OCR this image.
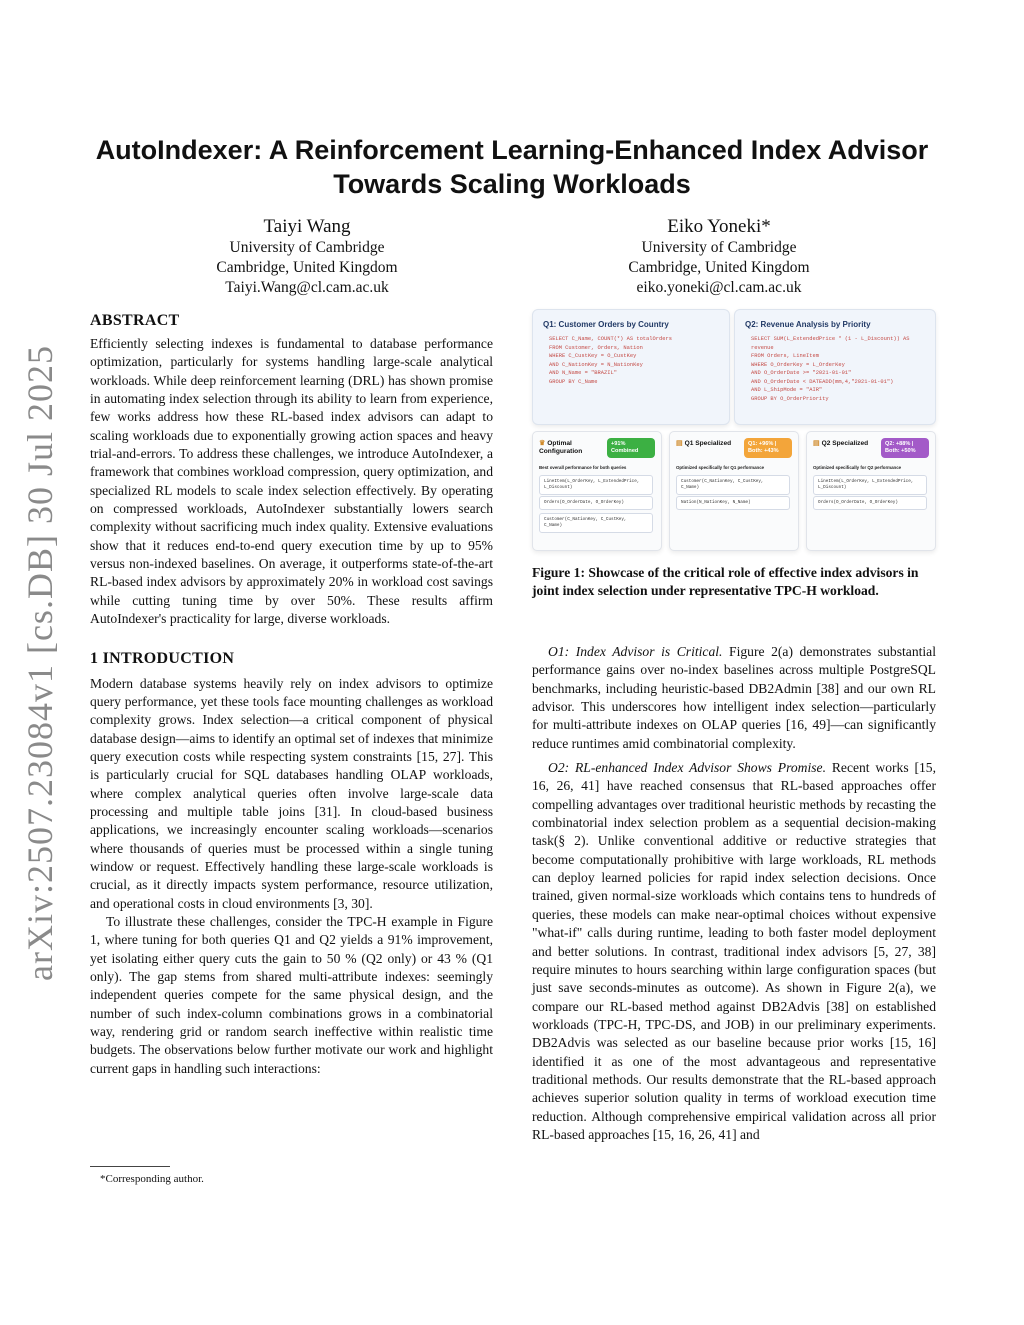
arXiv:2507.23084v1 [cs.DB] 30 Jul 2025
AutoIndexer: A Reinforcement Learning-Enhanced Index Advisor
Towards Scaling Workloads
Taiyi Wang
University of Cambridge
Cambridge, United Kingdom
Taiyi.Wang@cl.cam.ac.uk
Eiko Yoneki*
University of Cambridge
Cambridge, United Kingdom
eiko.yoneki@cl.cam.ac.uk
ABSTRACT

Efficiently selecting indexes is fundamental to database performance optimization, particularly for systems handling large-scale analytical workloads. While deep reinforcement learning (DRL) has shown promise in automating index selection through its ability to learn from experience, few works address how these RL-based index advisors can adapt to scaling workloads due to exponentially growing action spaces and heavy trial-and-errors. To address these challenges, we introduce AutoIndexer, a framework that combines workload compression, query optimization, and specialized RL models to scale index selection effectively. By operating on compressed workloads, AutoIndexer substantially lowers search complexity without sacrificing much index quality. Extensive evaluations show that it reduces end-to-end query execution time by up to 95% versus non-indexed baselines. On average, it outperforms state-of-the-art RL-based index advisors by approximately 20% in workload cost savings while cutting tuning time by over 50%. These results affirm AutoIndexer's practicality for large, diverse workloads.

1 INTRODUCTION

Modern database systems heavily rely on index advisors to optimize query performance, yet these tools face mounting challenges as workload complexity grows. Index selection—a critical component of physical database design—aims to identify an optimal set of indexes that minimize query execution costs while respecting system constraints [15, 27]. This is particularly crucial for SQL databases handling OLAP workloads, where complex analytical queries often involve large-scale data processing and multiple table joins [31]. In cloud-based business applications, we increasingly encounter scaling workloads—scenarios where thousands of queries must be processed within a single tuning window or request. Effectively handling these large-scale workloads is crucial, as it directly impacts system performance, resource utilization, and operational costs in cloud environments [3, 30].

To illustrate these challenges, consider the TPC-H example in Figure 1, where tuning for both queries Q1 and Q2 yields a 91% improvement, yet isolating either query cuts the gain to 50 % (Q2 only) or 43 % (Q1 only). The gap stems from shared multi-attribute indexes: seemingly independent queries compete for the same physical design, and the number of such index-column combinations grows in a combinatorial way, rendering grid or random search ineffective within realistic time budgets. The observations below further motivate our work and highlight current gaps in handling such interactions:

*Corresponding author.
Q1: Customer Orders by Country
SELECT C_Name, COUNT(*) AS totalOrders
FROM Customer, Orders, Nation
WHERE C_CustKey = O_CustKey
AND C_NationKey = N_NationKey
AND N_Name = "BRAZIL"
GROUP BY C_Name
Q2: Revenue Analysis by Priority
SELECT SUM(L_ExtendedPrice * (1 - L_Discount)) AS
revenue
FROM Orders, LineItem
WHERE O_OrderKey = L_OrderKey
AND O_OrderDate >= "2021-01-01"
AND O_OrderDate < DATEADD(mm,4,"2021-01-01")
AND L_ShipMode = "AIR"
GROUP BY O_OrderPriority
♛ Optimal Configuration
+91% Combined
Best overall performance for both queries
LineItem(L_OrderKey, L_ExtendedPrice,
L_Discount)
Orders(O_OrderDate, O_OrderKey)
Customer(C_NationKey, C_CustKey,
C_Name)
▤ Q1 Specialized	Q1: +96% | Both: +43%
Optimized specifically for Q1 performance
Customer(C_NationKey, C_CustKey,
C_Name)
Nation(N_NationKey, N_Name)
▤ Q2 Specialized	Q2: +88% | Both: +50%
Optimized specifically for Q2 performance
LineItem(L_OrderKey, L_ExtendedPrice,
L_Discount)
Orders(O_OrderDate, O_OrderKey)
Figure 1: Showcase of the critical role of effective index advisors in joint index selection under representative TPC-H workload.

O1: Index Advisor is Critical. Figure 2(a) demonstrates substantial performance gains over no-index baselines across multiple PostgreSQL benchmarks, including heuristic-based DB2Admin [38] and our own RL advisor. This underscores how intelligent index selection—particularly for multi-attribute indexes on OLAP queries [16, 49]—can significantly reduce runtimes amid combinatorial complexity.

O2: RL-enhanced Index Advisor Shows Promise. Recent works [15, 16, 26, 41] have reached consensus that RL-based approaches offer compelling advantages over traditional heuristic methods by recasting the combinatorial index selection problem as a sequential decision-making task(§ 2). Unlike conventional additive or reductive strategies that become computationally prohibitive with large workloads, RL methods can deploy learned policies for rapid index selection decisions. Once trained, given normal-size workloads which contains tens to hundreds of queries, these models can make near-optimal choices without expensive "what-if" calls during runtime, leading to both faster model deployment and better solutions. In contrast, traditional index advisors [5, 27, 38] require minutes to hours searching within large configuration spaces (but just save seconds-minutes as outcome). As shown in Figure 2(a), we compare our RL-based method against DB2Advis [38] on established workloads (TPC-H, TPC-DS, and JOB) in our preliminary experiments. DB2Advis was selected as our baseline because prior works [15, 16] identified it as one of the most advantageous and representative traditional methods. Our results demonstrate that the RL-based approach achieves superior solution quality in terms of workload execution time reduction. Although comprehensive empirical validation across all prior RL-based approaches [15, 16, 26, 41] and
